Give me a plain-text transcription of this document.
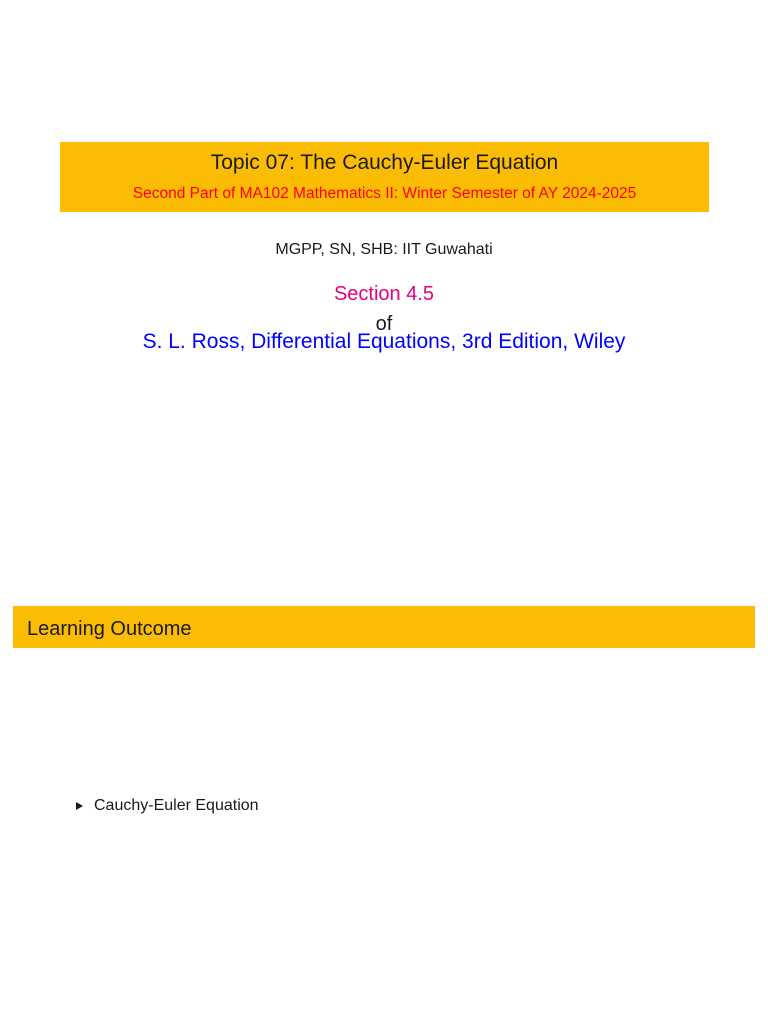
Topic 07: The Cauchy-Euler Equation
Second Part of MA102 Mathematics II: Winter Semester of AY 2024-2025
MGPP, SN, SHB: IIT Guwahati
Section 4.5
of
S. L. Ross, Differential Equations, 3rd Edition, Wiley
Learning Outcome
Cauchy-Euler Equation
